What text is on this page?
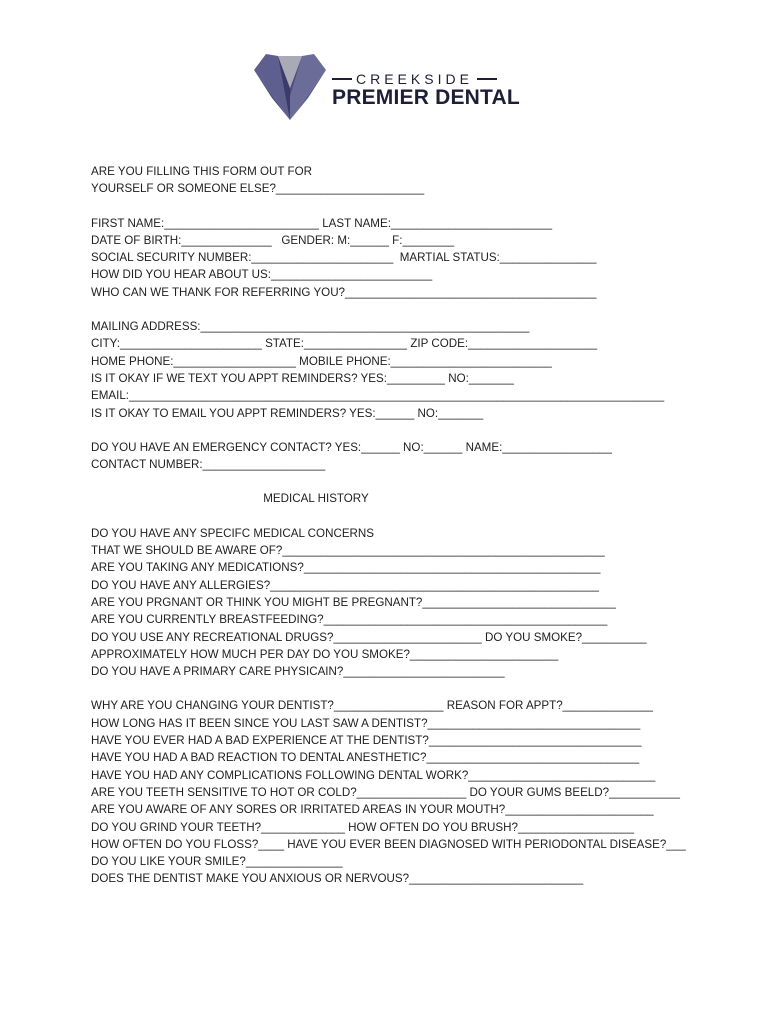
CREEKSIDE
PREMIER DENTAL
ARE YOU FILLING THIS FORM OUT FOR
YOURSELF OR SOMEONE ELSE?_______________________
FIRST NAME:________________________ LAST NAME:_________________________
DATE OF BIRTH:______________   GENDER: M:______ F:________
SOCIAL SECURITY NUMBER:______________________  MARTIAL STATUS:_______________
HOW DID YOU HEAR ABOUT US:_________________________
WHO CAN WE THANK FOR REFERRING YOU?_______________________________________
MAILING ADDRESS:___________________________________________________
CITY:______________________ STATE:________________ ZIP CODE:____________________
HOME PHONE:___________________ MOBILE PHONE:_________________________
IS IT OKAY IF WE TEXT YOU APPT REMINDERS? YES:_________ NO:_______
EMAIL:___________________________________________________________________________________
IS IT OKAY TO EMAIL YOU APPT REMINDERS? YES:______ NO:_______
DO YOU HAVE AN EMERGENCY CONTACT? YES:______ NO:______ NAME:_________________
CONTACT NUMBER:___________________
MEDICAL HISTORY
DO YOU HAVE ANY SPECIFC MEDICAL CONCERNS
THAT WE SHOULD BE AWARE OF?__________________________________________________
ARE YOU TAKING ANY MEDICATIONS?______________________________________________
DO YOU HAVE ANY ALLERGIES?___________________________________________________
ARE YOU PRGNANT OR THINK YOU MIGHT BE PREGNANT?______________________________
ARE YOU CURRENTLY BREASTFEEDING?____________________________________________
DO YOU USE ANY RECREATIONAL DRUGS?_______________________ DO YOU SMOKE?__________
APPROXIMATELY HOW MUCH PER DAY DO YOU SMOKE?_______________________
DO YOU HAVE A PRIMARY CARE PHYSICAIN?_________________________
WHY ARE YOU CHANGING YOUR DENTIST?_________________ REASON FOR APPT?______________
HOW LONG HAS IT BEEN SINCE YOU LAST SAW A DENTIST?_________________________________
HAVE YOU EVER HAD A BAD EXPERIENCE AT THE DENTIST?_________________________________
HAVE YOU HAD A BAD REACTION TO DENTAL ANESTHETIC?_________________________________
HAVE YOU HAD ANY COMPLICATIONS FOLLOWING DENTAL WORK?_____________________________
ARE YOU TEETH SENSITIVE TO HOT OR COLD?_________________ DO YOUR GUMS BEELD?___________
ARE YOU AWARE OF ANY SORES OR IRRITATED AREAS IN YOUR MOUTH?_______________________
DO YOU GRIND YOUR TEETH?_____________ HOW OFTEN DO YOU BRUSH?__________________
HOW OFTEN DO YOU FLOSS?____ HAVE YOU EVER BEEN DIAGNOSED WITH PERIODONTAL DISEASE?___
DO YOU LIKE YOUR SMILE?_______________
DOES THE DENTIST MAKE YOU ANXIOUS OR NERVOUS?___________________________
